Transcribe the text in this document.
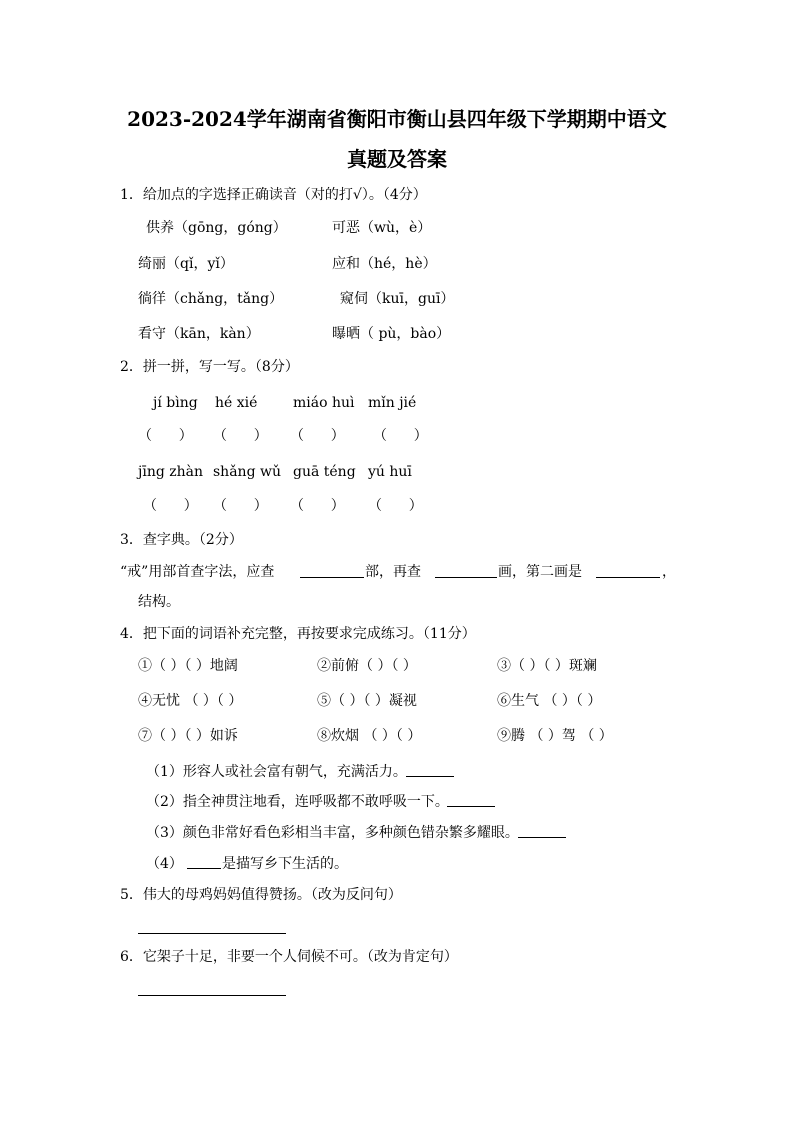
2023-2024学年湖南省衡阳市衡山县四年级下学期期中语文
真题及答案
1．给加点的字选择正确读音（对的打√）。（4分）
供养（gōng，góng）	可恶（wù，è）
绮丽（qǐ，yǐ）	应和（hé，hè）
徜徉（chǎng，tǎng）	窥伺（kuī，guī）
看守（kān，kàn）	曝晒（ pù，bào）
2．拼一拼，写一写。（8分）
jí bìng hé xié	miáo huì mǐn jié
（      ） （      ） （      ） （      ）
jīng zhàn shǎng wǔ guā téng yú huī
（      ） （      ） （      ） （      ）
3．查字典。（2分）
“戒”用部首查字法，应查	部，再查	画，第二画是	，
结构。
4．把下面的词语补充完整，再按要求完成练习。（11分）
①（ ）（ ）地阔	②前俯（ ）（ ）	③（ ）（ ）斑斓
④无忧 （ ）（ ）	⑤（ ）（ ）凝视	⑥生气 （ ）（ ）
⑦（ ）（ ）如诉	⑧炊烟 （ ）（ ）	⑨腾 （ ）驾 （ ）
（1）形容人或社会富有朝气，充满活力。
（2）指全神贯注地看，连呼吸都不敢呼吸一下。
（3）颜色非常好看色彩相当丰富，多种颜色错杂繁多耀眼。
（4）	是描写乡下生活的。
5．伟大的母鸡妈妈值得赞扬。（改为反问句）
6．它架子十足，非要一个人伺候不可。（改为肯定句）
